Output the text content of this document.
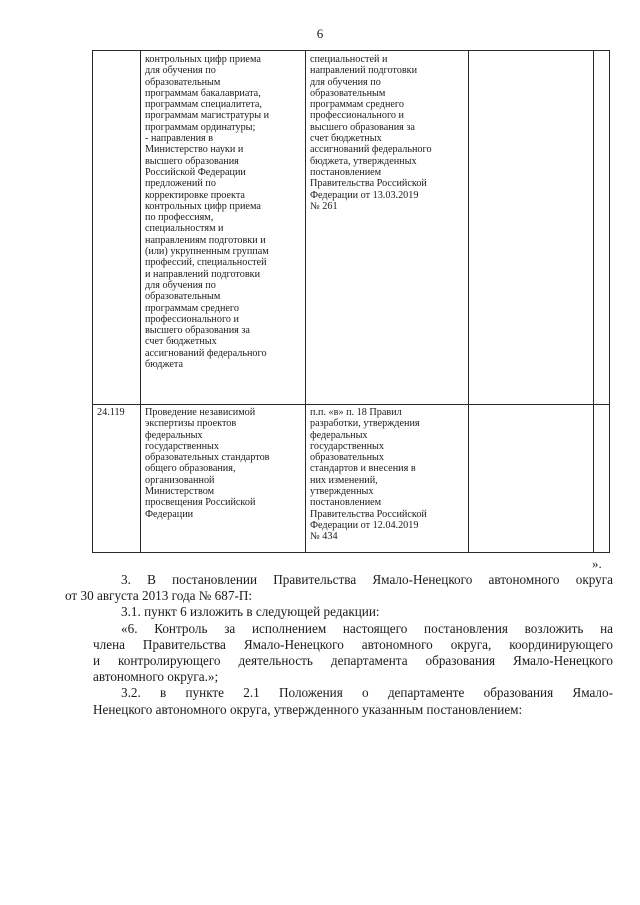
6
контрольных цифр приема
для обучения по
образовательным
программам бакалавриата,
программам специалитета,
программам магистратуры и
программам ординатуры;
- направления в
Министерство науки и
высшего образования
Российской Федерации
предложений по
корректировке проекта
контрольных цифр приема
по профессиям,
специальностям и
направлениям подготовки и
(или) укрупненным группам
профессий, специальностей
и направлений подготовки
для обучения по
образовательным
программам среднего
профессионального и
высшего образования за
счет бюджетных
ассигнований федерального
бюджета
специальностей и
направлений подготовки
для обучения по
образовательным
программам среднего
профессионального и
высшего образования за
счет бюджетных
ассигнований федерального
бюджета, утвержденных
постановлением
Правительства Российской
Федерации от 13.03.2019
№ 261
24.119 Проведение независимой
экспертизы проектов
федеральных
государственных
образовательных стандартов
общего образования,
организованной
Министерством
просвещения Российской
Федерации
п.п. «в» п. 18 Правил
разработки, утверждения
федеральных
государственных
образовательных
стандартов и внесения в
них изменений,
утвержденных
постановлением
Правительства Российской
Федерации от 12.04.2019
№ 434
».

3. В постановлении Правительства Ямало-Ненецкого автономного округа
от 30 августа 2013 года № 687-П:

3.1. пункт 6 изложить в следующей редакции:

«6. Контроль за исполнением настоящего постановления возложить на
члена Правительства Ямало-Ненецкого автономного округа, координирующего
и контролирующего деятельность департамента образования Ямало-Ненецкого
автономного округа.»;

3.2. в пункте 2.1 Положения о департаменте образования Ямало-
Ненецкого автономного округа, утвержденного указанным постановлением:
